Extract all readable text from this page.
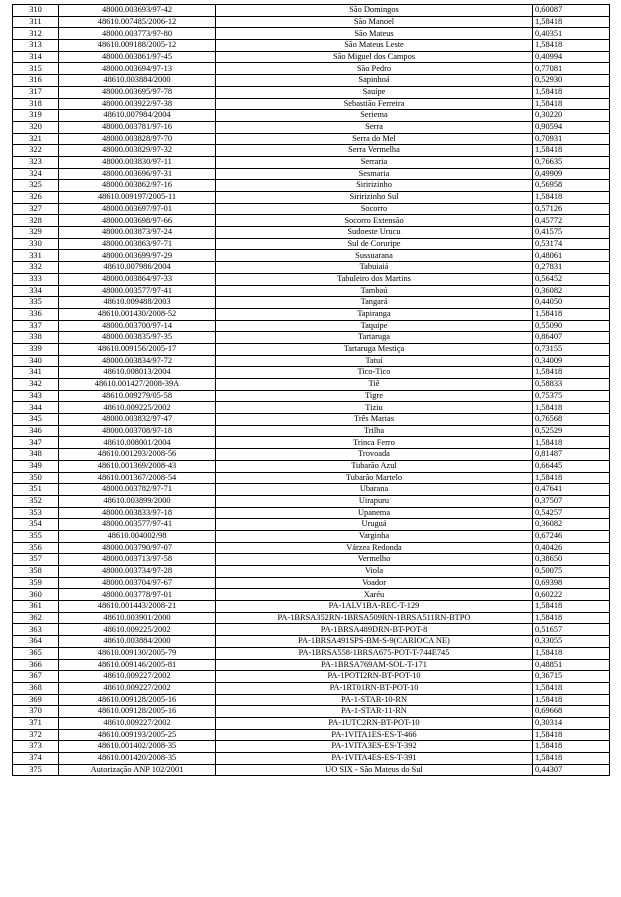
310	48000.003693/97-42	São Domingos	0,60087
311	48610.007485/2006-12	São Manoel	1,58418
312	48000.003773/97-80	São Mateus	0,40351
313	48610.009188/2005-12	São Mateus Leste	1,58418
314	48000.003861/97-45	São Miguel dos Campos	0,40994
315	48000.003694/97-13	São Pedro	0,77081
316	48610.003884/2000	Sapinhoá	0,52930
317	48000.003695/97-78	Sauípe	1,58418
318	48000.003922/97-38	Sebastião Ferreira	1,58418
319	48610.007984/2004	Seriema	0,30220
320	48000.003781/97-16	Serra	0,90594
321	48000.003828/97-70	Serra do Mel	0,70931
322	48000.003829/97-32	Serra Vermelha	1,58418
323	48000.003830/97-11	Serraria	0,76635
324	48000.003696/97-31	Sesmaria	0,49909
325	48000.003862/97-16	Siririzinho	0,56958
326	48610.009197/2005-11	Siririzinho Sul	1,58418
327	48000.003697/97-01	Socorro	0,57126
328	48000.003698/97-66	Socorro Extensão	0,45772
329	48000.003873/97-24	Sudoeste Urucu	0,41575
330	48000.003863/97-71	Sul de Coruripe	0,53174
331	48000.003699/97-29	Sussuarana	0,48061
332	48610.007986/2004	Tabuiaiá	0,27831
333	48000.003864/97-33	Tabuleiro dos Martins	0,56452
334	48000.003577/97-41	Tambaú	0,36082
335	48610.009488/2003	Tangará	0,44050
336	48610.001430/2008-52	Tapiranga	1,58418
337	48000.003700/97-14	Taquipe	0,55090
338	48000.003835/97-35	Tartaruga	0,86407
339	48610.009156/2005-17	Tartaruga Mestiça	0,73155
340	48000.003834/97-72	Tatuí	0,34009
341	48610.008013/2004	Tico-Tico	1,58418
342	48610.001427/2008-39A	Tiê	0,58833
343	48610.009279/05-58	Tigre	0,75375
344	48610.009225/2002	Tiziu	1,58418
345	48000.003832/97-47	Três Marias	0,76568
346	48000.003708/97-18	Trilha	0,52529
347	48610.008001/2004	Trinca Ferro	1,58418
348	48610.001293/2008-56	Trovoada	0,81487
349	48610.001369/2008-43	Tubarão Azul	0,66445
350	48610.001367/2008-54	Tubarão Martelo	1,58418
351	48000.003782/97-71	Ubarana	0,47641
352	48610.003899/2000	Uirapuru	0,37507
353	48000.003833/97-18	Upanema	0,54257
354	48000.003577/97-41	Uruguá	0,36082
355	48610.004002/98	Varginha	0,67246
356	48000.003790/97-07	Várzea Redonda	0,40426
357	48000.003713/97-58	Vermelho	0,38650
358	48000.003734/97-28	Viola	0,50075
359	48000.003704/97-67	Voador	0,69398
360	48000.003778/97-01	Xaréu	0,60222
361	48610.001443/2008-21	PA-1ALV1BA-REC-T-129	1,58418
362	48610.003901/2000	PA-1BRSA352RN-1BRSA509RN-1BRSA511RN-BTPO	1,58418
363	48610.009225/2002	PA-1BRSA489DRN-BT-POT-8	0,51657
364	48610.003884/2000	PA-1BRSA491SPS-BM-S-9(CARIOCA NE)	0,33055
365	48610.009130/2005-79	PA-1BRSA558-1BRSA675-POT-T-744E745	1,58418
366	48610.009146/2005-81	PA-1BRSA769AM-SOL-T-171	0,48851
367	48610.009227/2002	PA-1POTI2RN-BT-POT-10	0,36715
368	48610.009227/2002	PA-1RT01RN-BT-POT-10	1,58418
369	48610.009128/2005-16	PA-1-STAR-10-RN	1,58418
370	48610.009128/2005-16	PA-1-STAR-11-RN	0,69668
371	48610.009227/2002	PA-1UTC2RN-BT-POT-10	0,30314
372	48610.009193/2005-25	PA-1VITA1ES-ES-T-466	1,58418
373	48610.001402/2008-35	PA-1VITA3ES-ES-T-392	1,58418
374	48610.001420/2008-35	PA-1VITA4ES-ES-T-391	1,58418
375	Autorização ANP 102/2001	UO SIX - São Mateus do Sul	0,44307
